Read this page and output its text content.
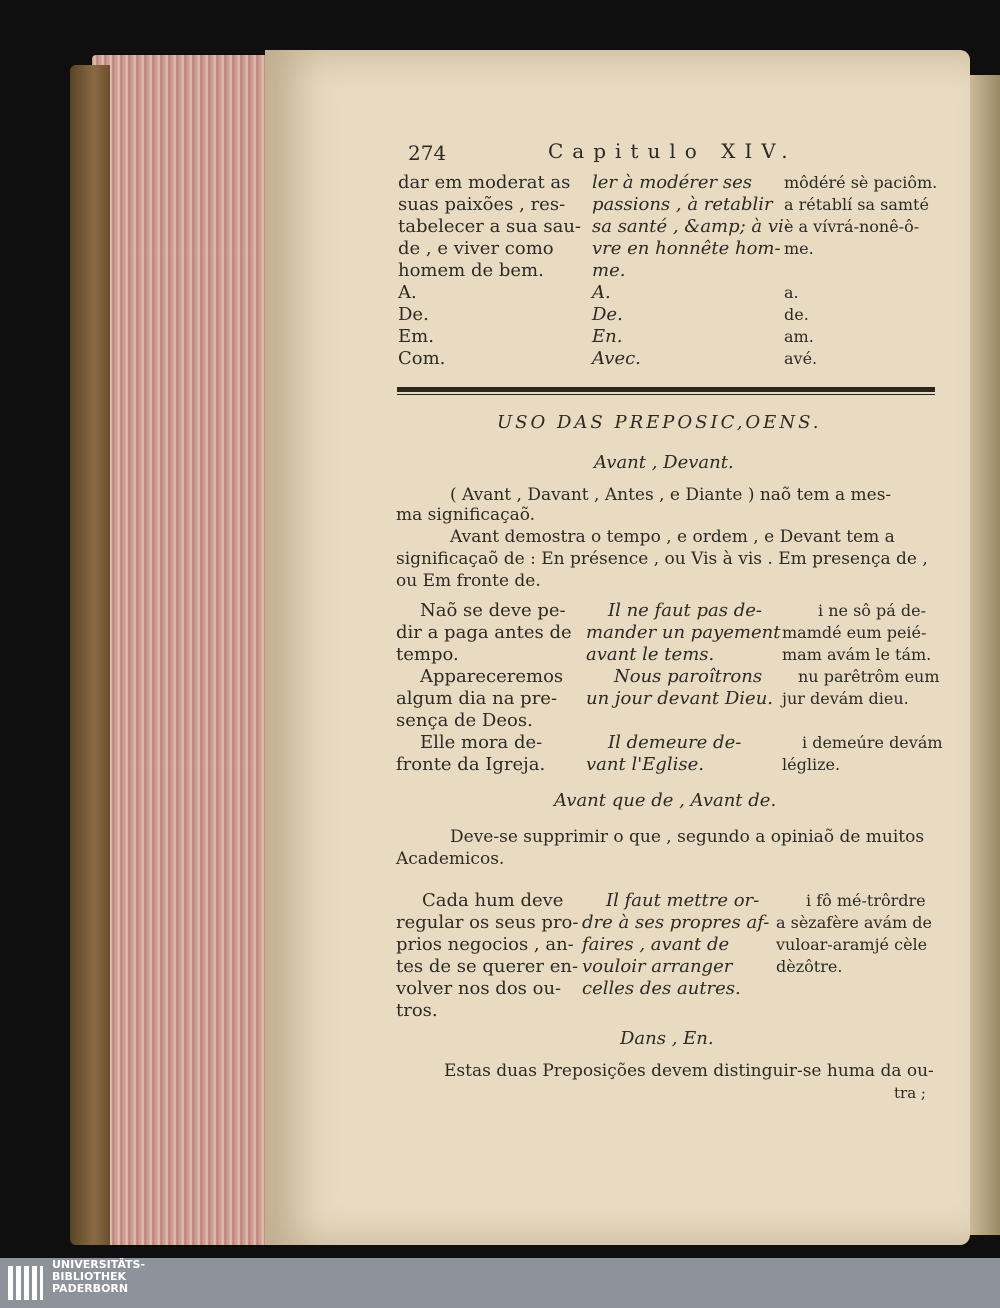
274	Capitulo XIV.
dar em moderat as
suas paixões , res-
tabelecer a sua sau-
de , e viver como
homem de bem.
A.
De.
Em.
Com.
ler à modérer ses
passions , à retablir
sa santé , &amp; à vi-
vre en honnête hom-
me.
A.
De.
En.
Avec.
môdéré sè paciôm.
a rétablí sa samté
è a vívrá-nonê-ô-
me.
a.
de.
am.
avé.
USO DAS PREPOSIC,OENS.
Avant , Devant.
( Avant , Davant , Antes , e Diante ) naõ tem a mes-
ma significaçaõ.
Avant demostra o tempo , e ordem , e Devant tem a
significaçaõ de : En présence , ou Vis à vis . Em presença de ,
ou Em fronte de.
Naõ se deve pe-
dir a paga antes de
tempo.
Appareceremos
algum dia na pre-
sença de Deos.
Elle mora de-
fronte da Igreja.
Il ne faut pas de-
mander un payement
avant le tems.
Nous paroîtrons
un jour devant Dieu.
Il demeure de-
vant l'Eglise.
i ne sô pá de-
mamdé eum peié-
mam avám le tám.
nu parêtrôm eum
jur devám dieu.
i demeúre devám
léglize.
Avant que de , Avant de.
Deve-se supprimir o que , segundo a opiniaõ de muitos
Academicos.
Cada hum deve
regular os seus pro-
prios negocios , an-
tes de se querer en-
volver nos dos ou-
tros.
Il faut mettre or-
dre à ses propres af-
faires , avant de
vouloir arranger
celles des autres.
i fô mé-trôrdre
a sèzafère avám de
vuloar-aramjé cèle
dèzôtre.
Dans , En.
Estas duas Preposições devem distinguir-se huma da ou-
tra ;
UNIVERSITÄTS-
BIBLIOTHEK
PADERBORN
